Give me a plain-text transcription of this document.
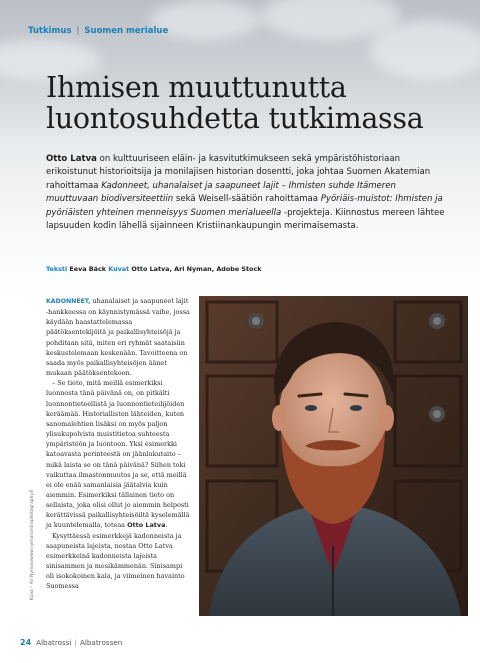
Tutkimus | Suomen merialue
Ihmisen muuttunutta
luontosuhdetta tutkimassa

Otto Latva on kulttuuriseen eläin- ja kasvitutkimukseen sekä ympäristöhistoriaan erikoistunut historioitsija ja monilajisen historian dosentti, joka johtaa Suomen Akatemian rahoittamaa Kadonneet, uhanalaiset ja saapuneet lajit – Ihmisten suhde Itämeren muuttuvaan biodiversiteettiin sekä Weisell-säätiön rahoittamaa Pyöriäis-muistot: Ihmisten ja pyöriäisten yhteinen menneisyys Suomen merialueella -projekteja. Kiinnostus mereen lähtee lapsuuden kodin lähellä sijainneen Kristiinankaupungin merimaisemasta.

Teksti Eeva Bäck Kuvat Otto Latva, Ari Nyman, Adobe Stock

KADONNEET, uhanalaiset ja saapuneet lajit -hankkeessa on käynnistymässä vaihe, jossa käydään haastattelemassa päätöksentekijöitä ja paikallisyhteisöjä ja pohditaan sitä, miten eri ryhmät saataisiin keskustelemaan keskenään. Tavoitteena on saada myös paikallisyhteisöjen äänet mukaan päätöksentekoon.

– Se tieto, mitä meillä esimerkiksi luonnosta tänä päivänä on, on pitkälti luonnontieteellistä ja luonnontieteilijöiden keräämää. Historiallisten lähteiden, kuten sanomalehtien lisäksi on myös paljon ylisukupolvista muistitietoa suhteesta ympäristöön ja luontoon. Yksi esimerkki katoavasta perinteestä on jäänlukutaito – mikä laista se on tänä päivänä? Siihen toki vaikuttaa ilmastonmuutos ja se, että meillä ei ole enää samanlaisia jäätalvia kuin aiemmin. Esimerkiksi tällainen tieto on sellaista, joka olisi ollut jo aiemmin helposti kerättävissä paikallisyhteisöiltä kyselemällä ja kuuntelemalla, toteaa Otto Latva.

Kysyttäessä esimerkkejä kadonneista ja saapuneista lajeista, nostaa Otto Latva esimerkkeinä kadonneista lajeista sinisammen ja mesikämmenän. Sinisampi oli isokokoinen kala, ja viimeinen havainto Suomessa

Kuva – Ari Nyman/www.nymanantraphotography.fi
24 Albatrossi | Albatrossen
